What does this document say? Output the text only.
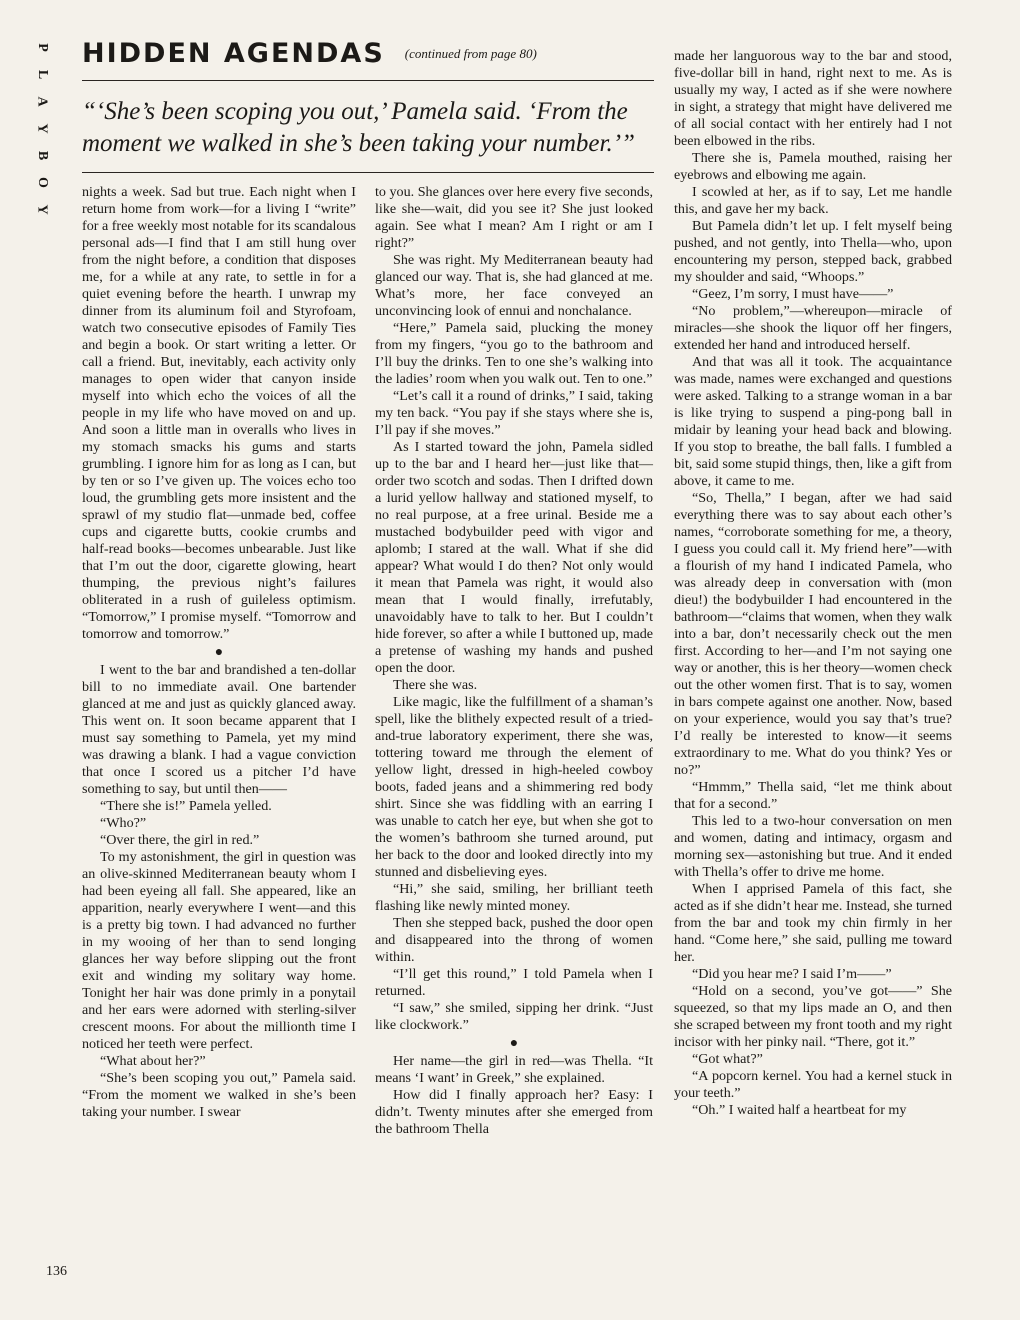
P
L
A
Y
B
O
Y
HIDDEN AGENDAS $^{(continued from page 80)}$
“‘She’s been scoping you out,’ Pamela said. ‘From the moment we walked in she’s been taking your number.’”

nights a week. Sad but true. Each night when I return home from work—for a living I “write” for a free weekly most notable for its scandalous personal ads—I find that I am still hung over from the night before, a condition that disposes me, for a while at any rate, to settle in for a quiet evening before the hearth. I unwrap my dinner from its aluminum foil and Styrofoam, watch two consecutive episodes of Family Ties and begin a book. Or start writing a letter. Or call a friend. But, inevitably, each activity only manages to open wider that canyon inside myself into which echo the voices of all the people in my life who have moved on and up. And soon a little man in overalls who lives in my stomach smacks his gums and starts grumbling. I ignore him for as long as I can, but by ten or so I’ve given up. The voices echo too loud, the grumbling gets more insistent and the sprawl of my studio flat—unmade bed, coffee cups and cigarette butts, cookie crumbs and half-read books—becomes unbearable. Just like that I’m out the door, cigarette glowing, heart thumping, the previous night’s failures obliterated in a rush of guileless optimism. “Tomorrow,” I promise myself. “Tomorrow and tomorrow and tomorrow.”

●

I went to the bar and brandished a ten-dollar bill to no immediate avail. One bartender glanced at me and just as quickly glanced away. This went on. It soon became apparent that I must say something to Pamela, yet my mind was drawing a blank. I had a vague conviction that once I scored us a pitcher I’d have something to say, but until then——

“There she is!” Pamela yelled.

“Who?”

“Over there, the girl in red.”

To my astonishment, the girl in question was an olive-skinned Mediterranean beauty whom I had been eyeing all fall. She appeared, like an apparition, nearly everywhere I went—and this is a pretty big town. I had advanced no further in my wooing of her than to send longing glances her way before slipping out the front exit and winding my solitary way home. Tonight her hair was done primly in a ponytail and her ears were adorned with sterling-silver crescent moons. For about the millionth time I noticed her teeth were perfect.

“What about her?”

“She’s been scoping you out,” Pamela said. “From the moment we walked in she’s been taking your number. I swear

to you. She glances over here every five seconds, like she—wait, did you see it? She just looked again. See what I mean? Am I right or am I right?”

She was right. My Mediterranean beauty had glanced our way. That is, she had glanced at me. What’s more, her face conveyed an unconvincing look of ennui and nonchalance.

“Here,” Pamela said, plucking the money from my fingers, “you go to the bathroom and I’ll buy the drinks. Ten to one she’s walking into the ladies’ room when you walk out. Ten to one.”

“Let’s call it a round of drinks,” I said, taking my ten back. “You pay if she stays where she is, I’ll pay if she moves.”

As I started toward the john, Pamela sidled up to the bar and I heard her—just like that—order two scotch and sodas. Then I drifted down a lurid yellow hallway and stationed myself, to no real purpose, at a free urinal. Beside me a mustached bodybuilder peed with vigor and aplomb; I stared at the wall. What if she did appear? What would I do then? Not only would it mean that Pamela was right, it would also mean that I would finally, irrefutably, unavoidably have to talk to her. But I couldn’t hide forever, so after a while I buttoned up, made a pretense of washing my hands and pushed open the door.

There she was.

Like magic, like the fulfillment of a shaman’s spell, like the blithely expected result of a tried-and-true laboratory experiment, there she was, tottering toward me through the element of yellow light, dressed in high-heeled cowboy boots, faded jeans and a shimmering red body shirt. Since she was fiddling with an earring I was unable to catch her eye, but when she got to the women’s bathroom she turned around, put her back to the door and looked directly into my stunned and disbelieving eyes.

“Hi,” she said, smiling, her brilliant teeth flashing like newly minted money.

Then she stepped back, pushed the door open and disappeared into the throng of women within.

“I’ll get this round,” I told Pamela when I returned.

“I saw,” she smiled, sipping her drink. “Just like clockwork.”

●

Her name—the girl in red—was Thella. “It means ‘I want’ in Greek,” she explained.

How did I finally approach her? Easy: I didn’t. Twenty minutes after she emerged from the bathroom Thella

made her languorous way to the bar and stood, five-dollar bill in hand, right next to me. As is usually my way, I acted as if she were nowhere in sight, a strategy that might have delivered me of all social contact with her entirely had I not been elbowed in the ribs.

There she is, Pamela mouthed, raising her eyebrows and elbowing me again.

I scowled at her, as if to say, Let me handle this, and gave her my back.

But Pamela didn’t let up. I felt myself being pushed, and not gently, into Thella—who, upon encountering my person, stepped back, grabbed my shoulder and said, “Whoops.”

“Geez, I’m sorry, I must have——”

“No problem,”—whereupon—miracle of miracles—she shook the liquor off her fingers, extended her hand and introduced herself.

And that was all it took. The acquaintance was made, names were exchanged and questions were asked. Talking to a strange woman in a bar is like trying to suspend a ping-pong ball in midair by leaning your head back and blowing. If you stop to breathe, the ball falls. I fumbled a bit, said some stupid things, then, like a gift from above, it came to me.

“So, Thella,” I began, after we had said everything there was to say about each other’s names, “corroborate something for me, a theory, I guess you could call it. My friend here”—with a flourish of my hand I indicated Pamela, who was already deep in conversation with (mon dieu!) the bodybuilder I had encountered in the bathroom—“claims that women, when they walk into a bar, don’t necessarily check out the men first. According to her—and I’m not saying one way or another, this is her theory—women check out the other women first. That is to say, women in bars compete against one another. Now, based on your experience, would you say that’s true? I’d really be interested to know—it seems extraordinary to me. What do you think? Yes or no?”

“Hmmm,” Thella said, “let me think about that for a second.”

This led to a two-hour conversation on men and women, dating and intimacy, orgasm and morning sex—astonishing but true. And it ended with Thella’s offer to drive me home.

When I apprised Pamela of this fact, she acted as if she didn’t hear me. Instead, she turned from the bar and took my chin firmly in her hand. “Come here,” she said, pulling me toward her.

“Did you hear me? I said I’m——”

“Hold on a second, you’ve got——” She squeezed, so that my lips made an O, and then she scraped between my front tooth and my right incisor with her pinky nail. “There, got it.”

“Got what?”

“A popcorn kernel. You had a kernel stuck in your teeth.”

“Oh.” I waited half a heartbeat for my

136
